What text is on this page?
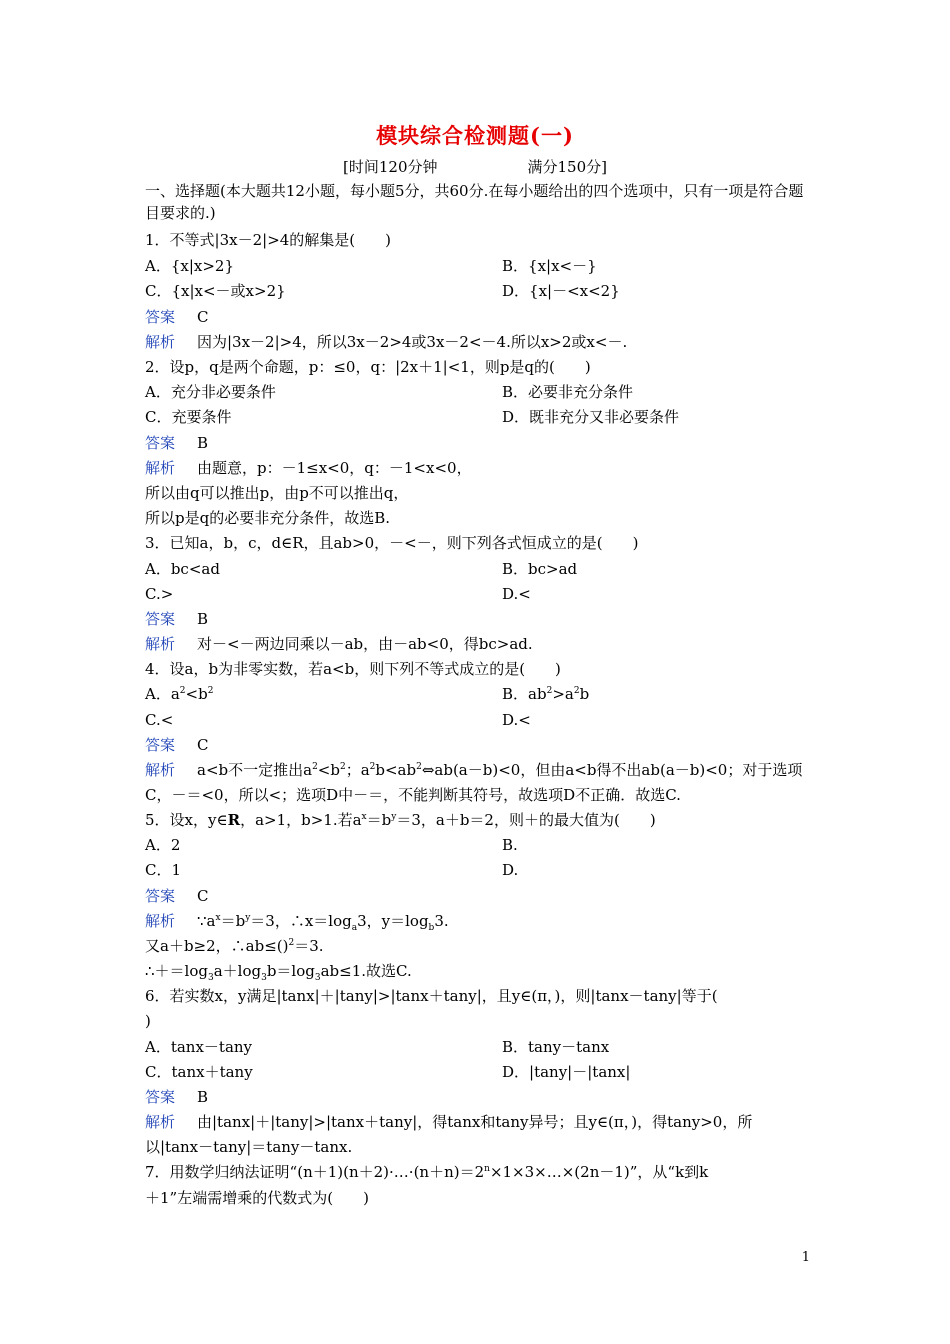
模块综合检测题(一)
[时间120分钟	满分150分]
一、选择题(本大题共12小题，每小题5分，共60分.在每小题给出的四个选项中，只有一项是符合题目要求的.)
1．不等式|3x－2|>4的解集是(　　)
A．{x|x>2}	B．{x|x<－}
C．{x|x<－或x>2}	D．{x|－<x<2}
答案 C
解析 因为|3x－2|>4，所以3x－2>4或3x－2<－4.所以x>2或x<－.
2．设p，q是两个命题，p：≤0，q：|2x＋1|<1，则p是q的(　　)
A．充分非必要条件	B．必要非充分条件
C．充要条件	D．既非充分又非必要条件
答案 B
解析 由题意，p：－1≤x<0，q：－1<x<0，
所以由q可以推出p，由p不可以推出q，
所以p是q的必要非充分条件，故选B.
3．已知a，b，c，d∈R，且ab>0，－<－，则下列各式恒成立的是(　　)
A．bc<ad	B．bc>ad
C.>	D.<
答案 B
解析 对－<－两边同乘以－ab，由－ab<0，得bc>ad.
4．设a，b为非零实数，若a<b，则下列不等式成立的是(　　)
A．$a^2<b^2$	B．$ab^2>a^2b$
C.<	D.<
答案 C
解析 a<b不一定推出$a^2<b^2$；$a^2b<ab^2\Leftrightarrow ab(a-b)<0$，但由a<b得不出ab(a－b)<0；对于选项
C，－＝<0，所以<；选项D中－＝，不能判断其符号，故选项D不正确．故选C.
5．设x，y∈R，a>1，b>1.若$a^x=b^y=3$，a＋b＝2，则＋的最大值为(　　)
A．2	B.
C．1	D.
答案 C
解析 $\because a^x=b^y=3$，$\therefore x=\log_a3$，$y=\log_b3$.
又a＋b≥2，∴ab≤()$^2$＝3.
$\therefore+=\log_3a+\log_3b=\log_3ab\le 1$.故选C.
6．若实数x，y满足|tanx|＋|tany|>|tanx＋tany|，且y∈(π，)，则|tanx－tany|等于(
)
A．tanx－tany	B．tany－tanx
C．tanx＋tany	D．|tany|－|tanx|
答案 B
解析 由|tanx|＋|tany|>|tanx＋tany|，得tanx和tany异号；且y∈(π，)，得tany>0，所
以|tanx－tany|＝tany－tanx.
7．用数学归纳法证明“$(n+1)(n+2)\cdot\dots\cdot(n+n)=2^n\times 1\times 3\times\dots\times(2n-1)$”，从“k到k
＋1”左端需增乘的代数式为(　　)
1
